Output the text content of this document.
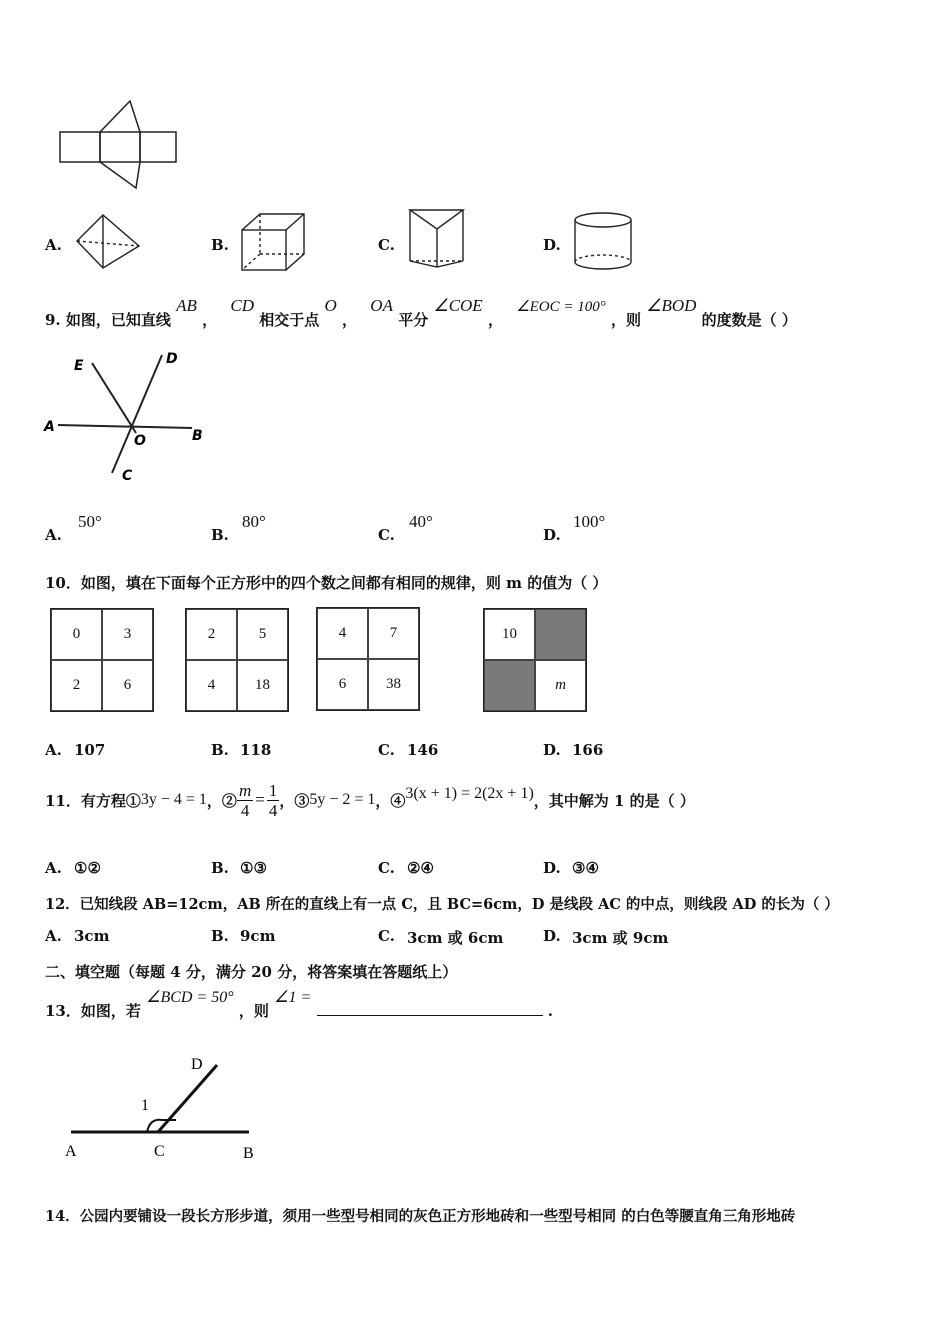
A.	B.	C.	D.
9. 如图，已知直线 AB ， CD 相交于点 O ， OA 平分 ∠COE ， ∠EOC = 100° ，则 ∠BOD 的度数是（ ）
E	D
A
O	B
C
A.
50°
B.
80°
C.
40°
D.
100°
10．如图，填在下面每个正方形中的四个数之间都有相同的规律，则 m 的值为（ ）
0	3
2	6
2	5
4	18
4	7
6	38
10
m
A. 107	B. 118	C. 146	D. 166
11．有方程① 3y − 4 = 1 ，② $\frac{m}{4} = \frac{1}{4}$ ，③ 5y − 2 = 1 ，④ 3(x + 1) = 2(2x + 1) ，其中解为 1 的是（ ）
A. ①②	B. ①③	C. ②④	D. ③④
12．已知线段 AB=12cm，AB 所在的直线上有一点 C，且 BC=6cm，D 是线段 AC 的中点，则线段 AD 的长为（ ）
A. 3cm	B. 9cm	C. 3cm 或 6cm	D. 3cm 或 9cm
二、填空题（每题 4 分，满分 20 分，将答案填在答题纸上）
13．如图，若 ∠BCD = 50° ，则 ∠1 =  .
D
1
A	C	B
14．公园内要铺设一段长方形步道，须用一些型号相同的灰色正方形地砖和一些型号相同 的白色等腰直角三角形地砖
